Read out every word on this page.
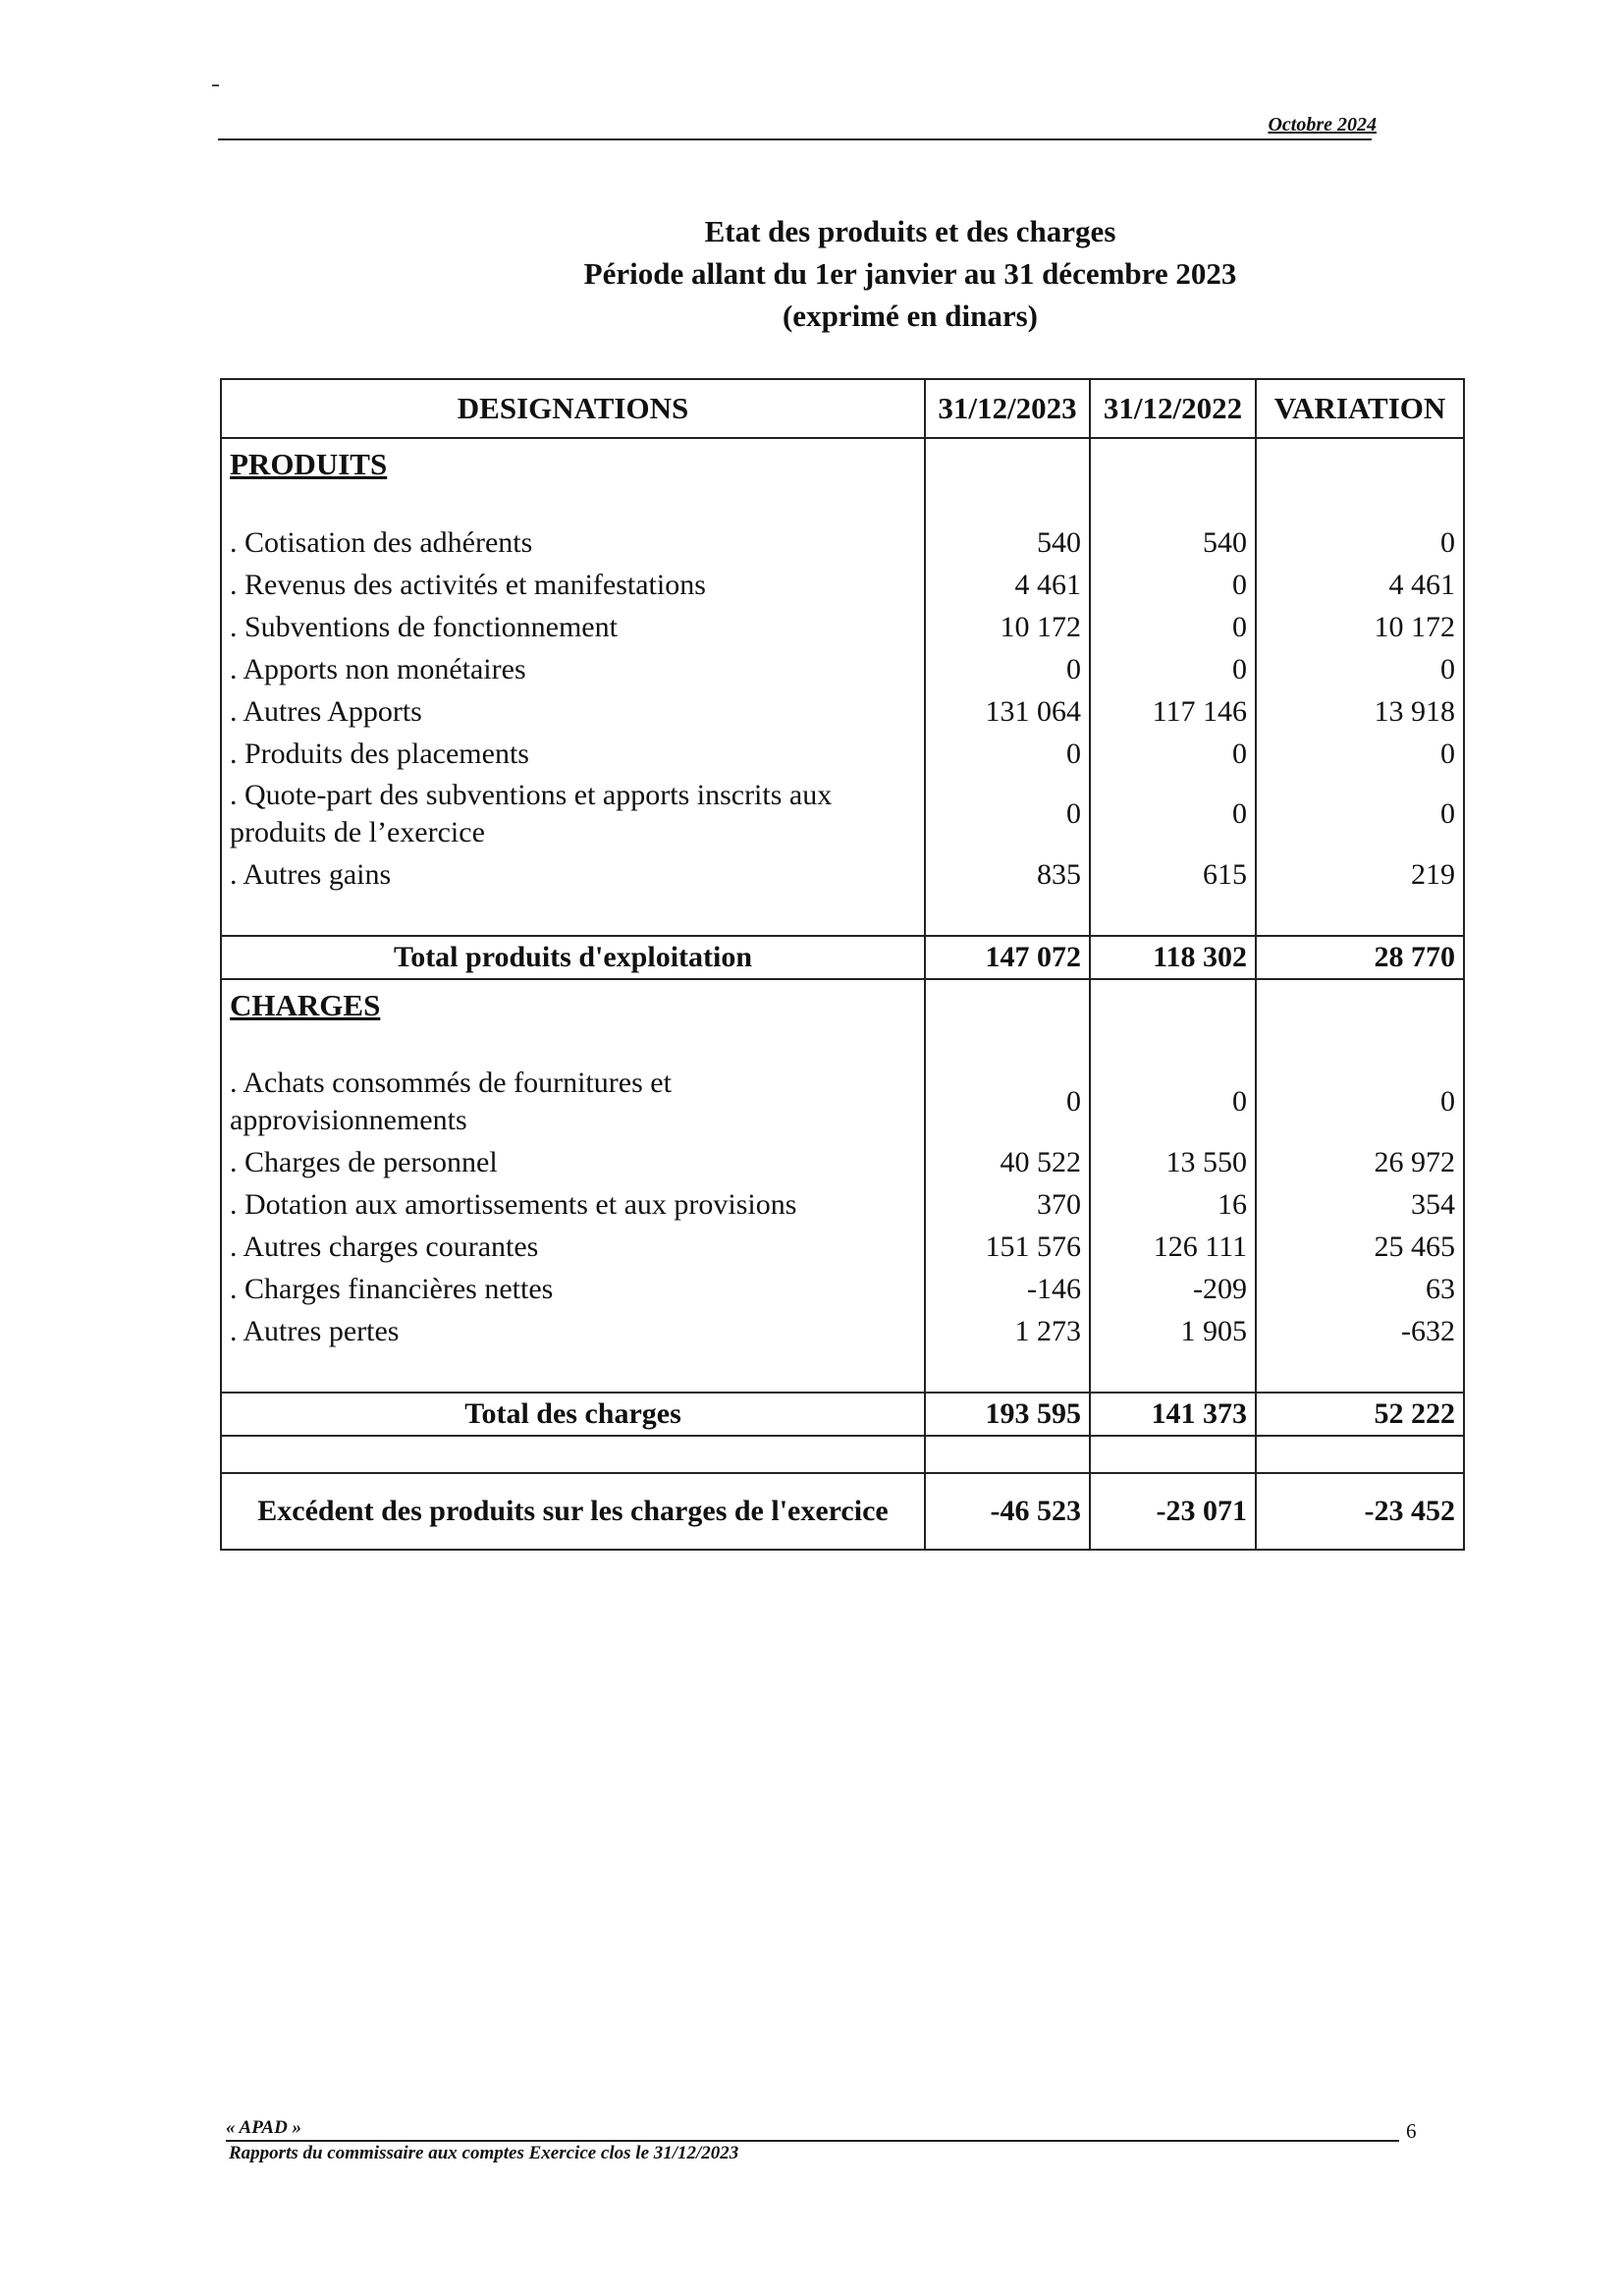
Octobre 2024
Etat des produits et des charges
Période allant du 1er janvier au 31 décembre 2023
(exprimé en dinars)
DESIGNATIONS	31/12/2023	31/12/2022	VARIATION
PRODUITS			

. Cotisation des adhérents	540	540	0
. Revenus des activités et manifestations	4 461	0	4 461
. Subventions de fonctionnement	10 172	0	10 172
. Apports non monétaires	0	0	0
. Autres Apports	131 064	117 146	13 918
. Produits des placements	0	0	0
. Quote-part des subventions et apports inscrits aux produits de l’exercice	0	0	0
. Autres gains	835	615	219

Total produits d'exploitation	147 072	118 302	28 770
CHARGES			

. Achats consommés de fournitures et approvisionnements	0	0	0
. Charges de personnel	40 522	13 550	26 972
. Dotation aux amortissements et aux provisions	370	16	354
. Autres charges courantes	151 576	126 111	25 465
. Charges financières nettes	-146	-209	63
. Autres pertes	1 273	1 905	-632

Total des charges	193 595	141 373	52 222

Excédent des produits sur les charges de l'exercice	-46 523	-23 071	-23 452
« APAD »	6
Rapports du commissaire aux comptes Exercice clos le 31/12/2023
